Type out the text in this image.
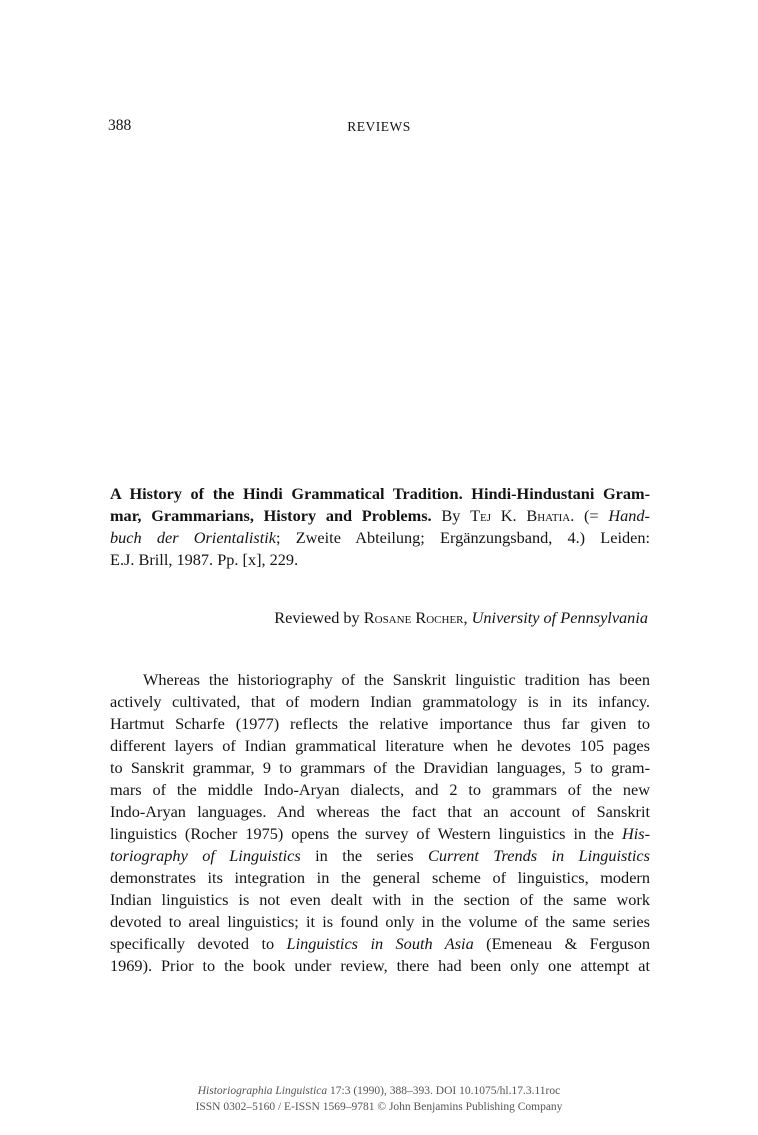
388	REVIEWS
A History of the Hindi Grammatical Tradition. Hindi-Hindustani Gram-
mar, Grammarians, History and Problems. By Tej K. Bhatia. (= Hand-
buch der Orientalistik; Zweite Abteilung; Ergänzungsband, 4.) Leiden:
E.J. Brill, 1987. Pp. [x], 229.
Reviewed by Rosane Rocher, University of Pennsylvania
Whereas the historiography of the Sanskrit linguistic tradition has been
actively cultivated, that of modern Indian grammatology is in its infancy.
Hartmut Scharfe (1977) reflects the relative importance thus far given to
different layers of Indian grammatical literature when he devotes 105 pages
to Sanskrit grammar, 9 to grammars of the Dravidian languages, 5 to gram-
mars of the middle Indo-Aryan dialects, and 2 to grammars of the new
Indo-Aryan languages. And whereas the fact that an account of Sanskrit
linguistics (Rocher 1975) opens the survey of Western linguistics in the His-
toriography of Linguistics in the series Current Trends in Linguistics
demonstrates its integration in the general scheme of linguistics, modern
Indian linguistics is not even dealt with in the section of the same work
devoted to areal linguistics; it is found only in the volume of the same series
specifically devoted to Linguistics in South Asia (Emeneau & Ferguson
1969). Prior to the book under review, there had been only one attempt at
Historiographia Linguistica 17:3 (1990), 388–393. DOI 10.1075/hl.17.3.11roc
ISSN 0302–5160 / E-ISSN 1569–9781 © John Benjamins Publishing Company
